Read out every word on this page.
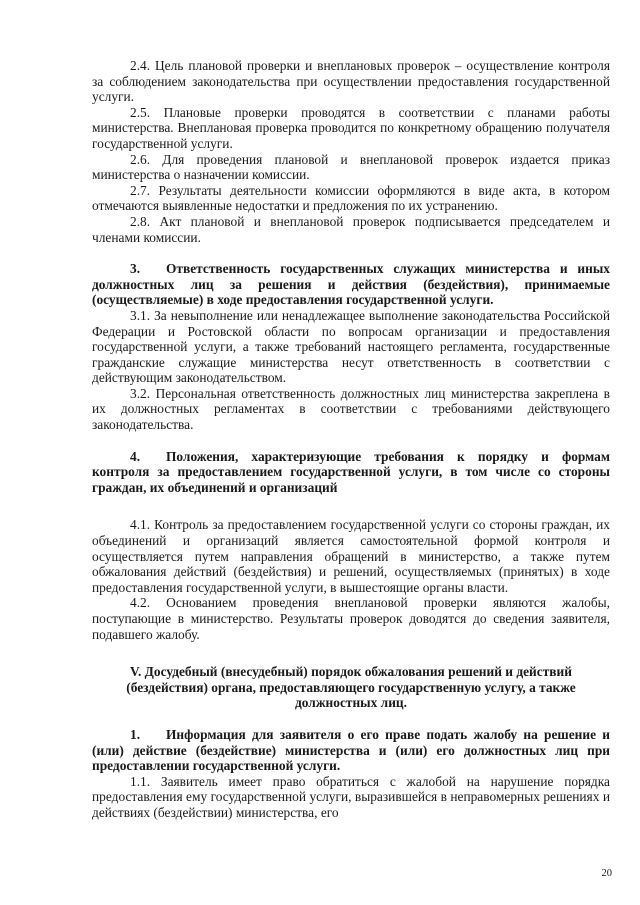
2.4. Цель плановой проверки и внеплановых проверок – осуществление контроля за соблюдением законодательства при осуществлении предоставления государственной услуги.

2.5. Плановые проверки проводятся в соответствии с планами работы министерства. Внеплановая проверка проводится по конкретному обращению получателя государственной услуги.

2.6. Для проведения плановой и внеплановой проверок издается приказ министерства о назначении комиссии.

2.7. Результаты деятельности комиссии оформляются в виде акта, в котором отмечаются выявленные недостатки и предложения по их устранению.

2.8. Акт плановой и внеплановой проверок подписывается председателем и членами комиссии.

3. Ответственность государственных служащих министерства и иных должностных лиц за решения и действия (бездействия), принимаемые (осуществляемые) в ходе предоставления государственной услуги.

3.1. За невыполнение или ненадлежащее выполнение законодательства Российской Федерации и Ростовской области по вопросам организации и предоставления государственной услуги, а также требований настоящего регламента, государственные гражданские служащие министерства несут ответственность в соответствии с действующим законодательством.

3.2. Персональная ответственность должностных лиц министерства закреплена в их должностных регламентах в соответствии с требованиями действующего законодательства.

4. Положения, характеризующие требования к порядку и формам контроля за предоставлением государственной услуги, в том числе со стороны граждан, их объединений и организаций

4.1. Контроль за предоставлением государственной услуги со стороны граждан, их объединений и организаций является самостоятельной формой контроля и осуществляется путем направления обращений в министерство, а также путем обжалования действий (бездействия) и решений, осуществляемых (принятых) в ходе предоставления государственной услуги, в вышестоящие органы власти.

4.2. Основанием проведения внеплановой проверки являются жалобы, поступающие в министерство. Результаты проверок доводятся до сведения заявителя, подавшего жалобу.

V. Досудебный (внесудебный) порядок обжалования решений и действий (бездействия) органа, предоставляющего государственную услугу, а также должностных лиц.

1. Информация для заявителя о его праве подать жалобу на решение и (или) действие (бездействие) министерства и (или) его должностных лиц при предоставлении государственной услуги.

1.1. Заявитель имеет право обратиться с жалобой на нарушение порядка предоставления ему государственной услуги, выразившейся в неправомерных решениях и действиях (бездействии) министерства, его

20
